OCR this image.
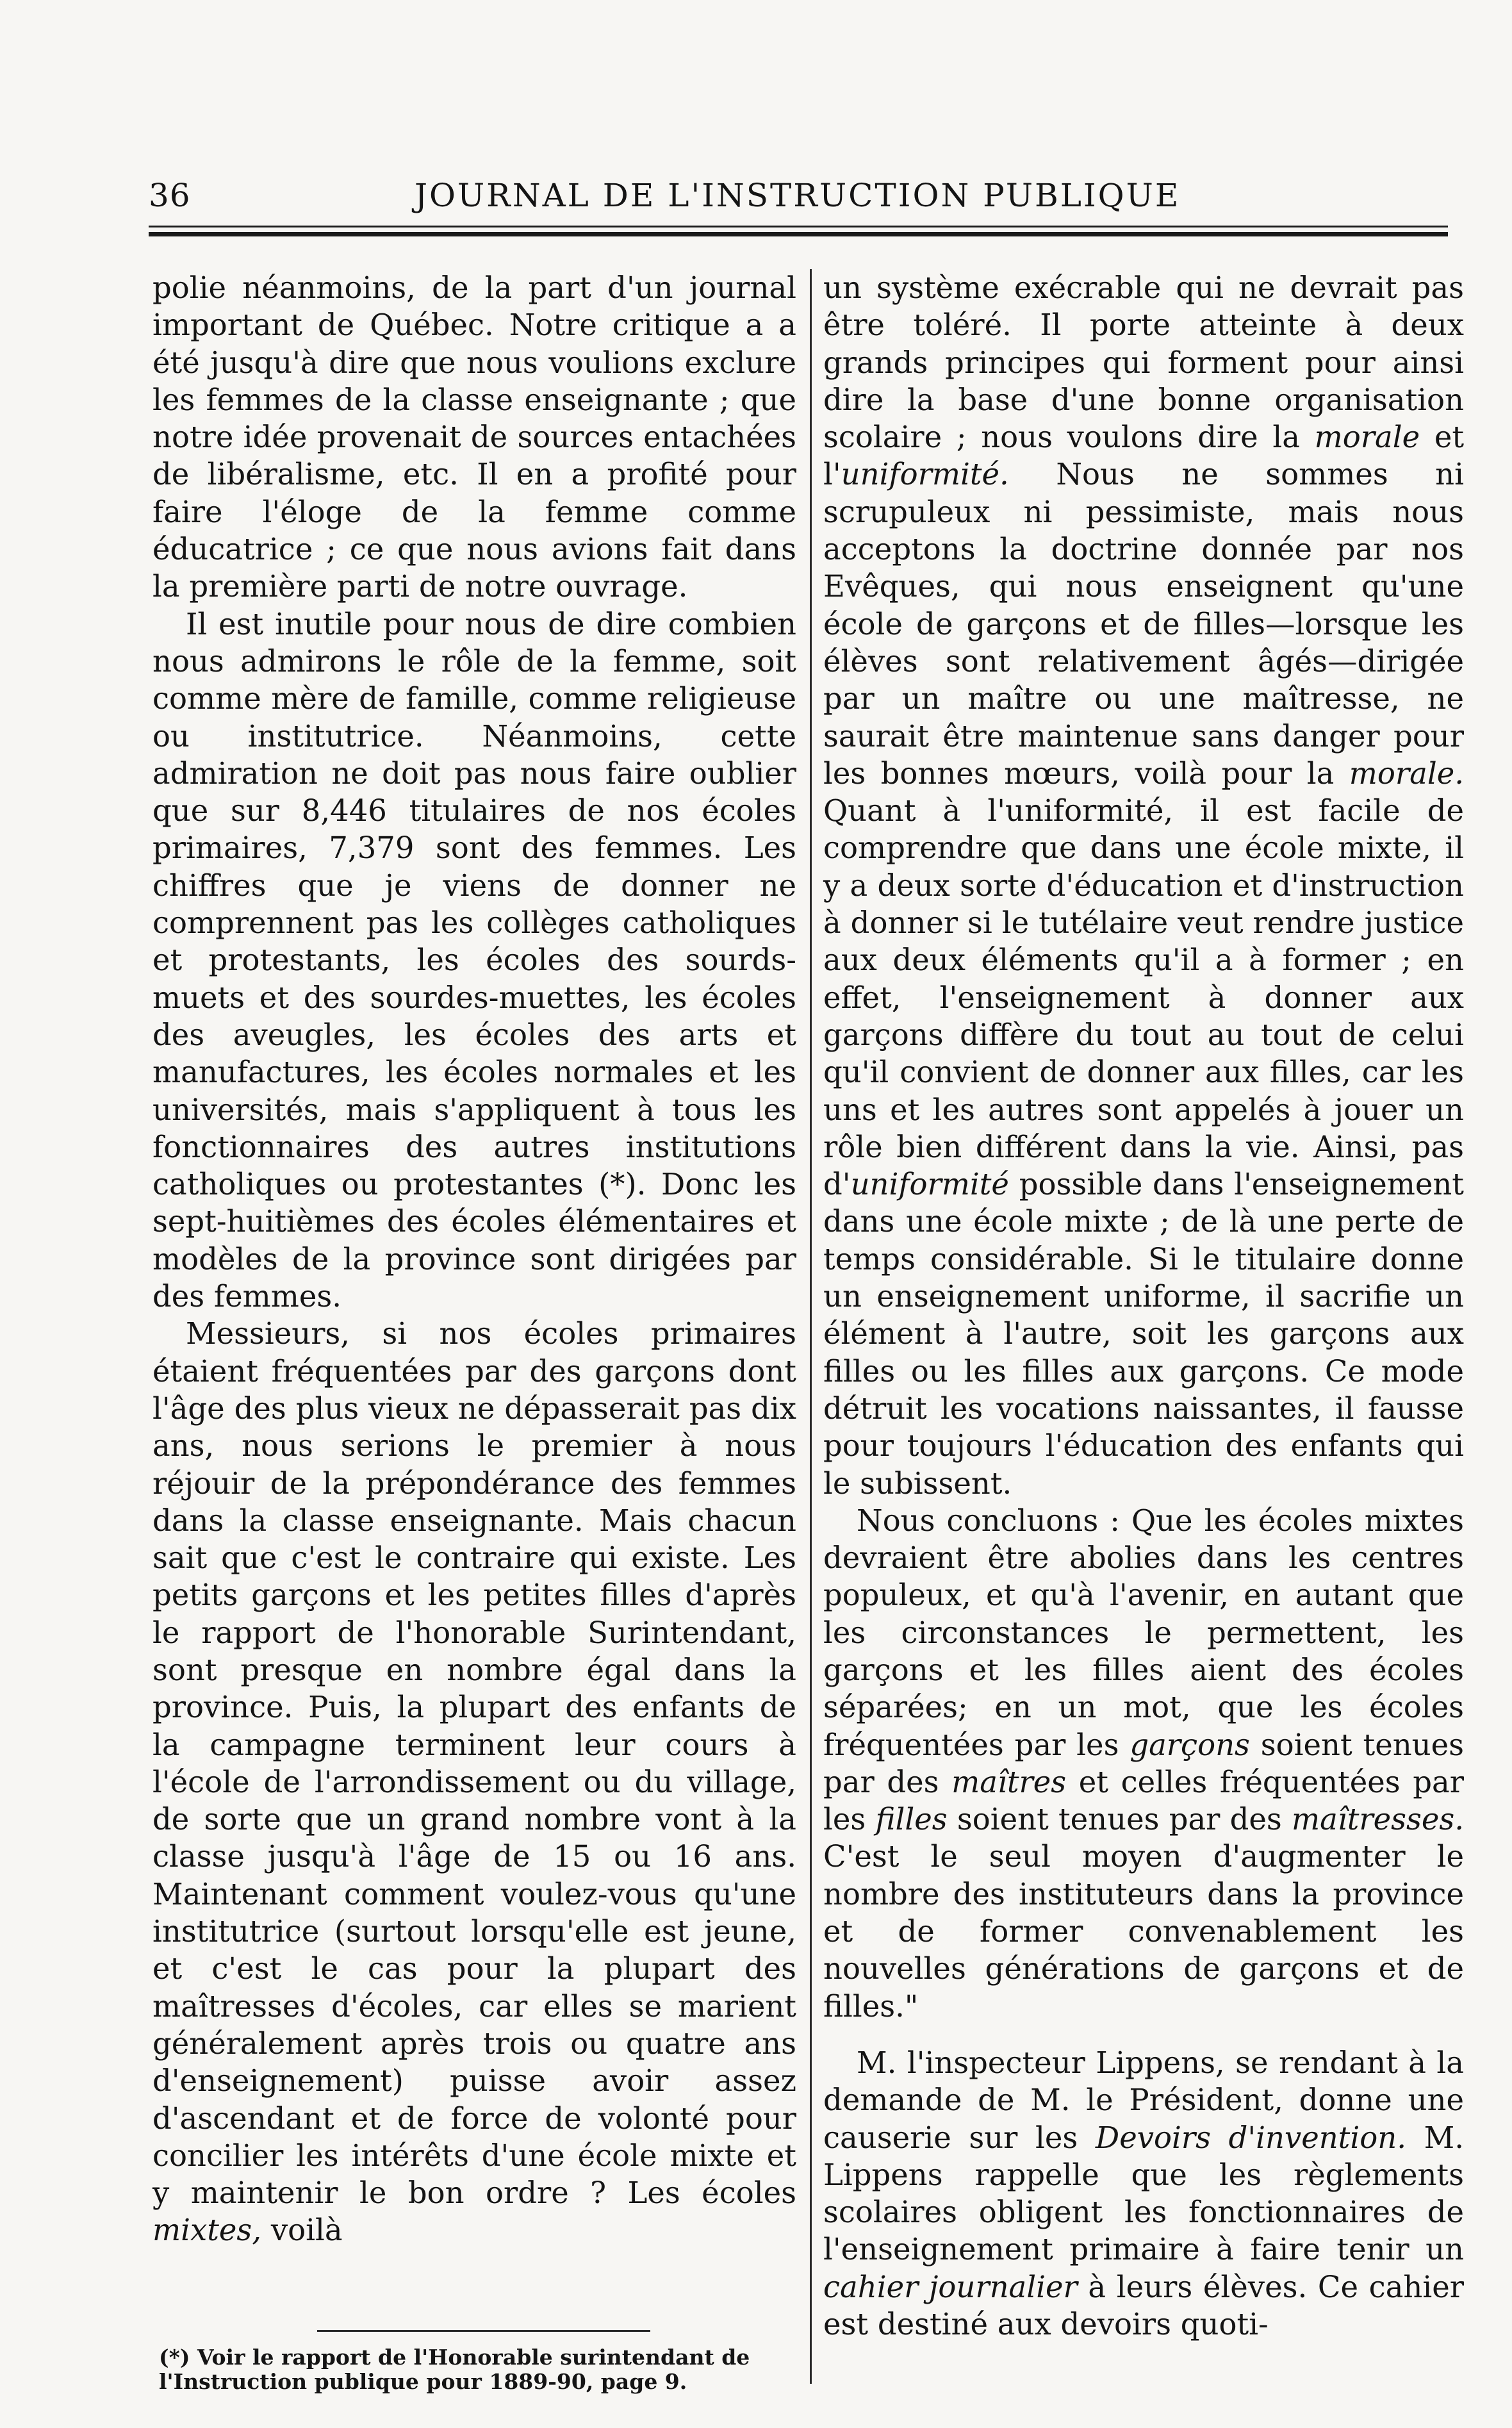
36	JOURNAL DE L'INSTRUCTION PUBLIQUE

polie néanmoins, de la part d'un journal important de Québec. Notre critique a a été jusqu'à dire que nous voulions exclure les femmes de la classe enseignante ; que notre idée provenait de sources entachées de libéralisme, etc. Il en a profité pour faire l'éloge de la femme comme éducatrice ; ce que nous avions fait dans la première parti de notre ouvrage.

Il est inutile pour nous de dire combien nous admirons le rôle de la femme, soit comme mère de famille, comme religieuse ou institutrice. Néanmoins, cette admiration ne doit pas nous faire oublier que sur 8,446 titulaires de nos écoles primaires, 7,379 sont des femmes. Les chiffres que je viens de donner ne comprennent pas les collèges catholiques et protestants, les écoles des sourds-muets et des sourdes-muettes, les écoles des aveugles, les écoles des arts et manufactures, les écoles normales et les universités, mais s'appliquent à tous les fonctionnaires des autres institutions catholiques ou protestantes (*). Donc les sept-huitièmes des écoles élémentaires et modèles de la province sont dirigées par des femmes.

Messieurs, si nos écoles primaires étaient fréquentées par des garçons dont l'âge des plus vieux ne dépasserait pas dix ans, nous serions le premier à nous réjouir de la prépondérance des femmes dans la classe enseignante. Mais chacun sait que c'est le contraire qui existe. Les petits garçons et les petites filles d'après le rapport de l'honorable Surintendant, sont presque en nombre égal dans la province. Puis, la plupart des enfants de la campagne terminent leur cours à l'école de l'arrondissement ou du village, de sorte que un grand nombre vont à la classe jusqu'à l'âge de 15 ou 16 ans. Maintenant comment voulez-vous qu'une institutrice (surtout lorsqu'elle est jeune, et c'est le cas pour la plupart des maîtresses d'écoles, car elles se marient généralement après trois ou quatre ans d'enseignement) puisse avoir assez d'ascendant et de force de volonté pour concilier les intérêts d'une école mixte et y maintenir le bon ordre ? Les écoles mixtes, voilà

un système exécrable qui ne devrait pas être toléré. Il porte atteinte à deux grands principes qui forment pour ainsi dire la base d'une bonne organisation scolaire ; nous voulons dire la morale et l'uniformité. Nous ne sommes ni scrupuleux ni pessimiste, mais nous acceptons la doctrine donnée par nos Evêques, qui nous enseignent qu'une école de garçons et de filles—lorsque les élèves sont relativement âgés—dirigée par un maître ou une maîtresse, ne saurait être maintenue sans danger pour les bonnes mœurs, voilà pour la morale. Quant à l'uniformité, il est facile de comprendre que dans une école mixte, il y a deux sorte d'éducation et d'instruction à donner si le tutélaire veut rendre justice aux deux éléments qu'il a à former ; en effet, l'enseignement à donner aux garçons diffère du tout au tout de celui qu'il convient de donner aux filles, car les uns et les autres sont appelés à jouer un rôle bien différent dans la vie. Ainsi, pas d'uniformité possible dans l'enseignement dans une école mixte ; de là une perte de temps considérable. Si le titulaire donne un enseignement uniforme, il sacrifie un élément à l'autre, soit les garçons aux filles ou les filles aux garçons. Ce mode détruit les vocations naissantes, il fausse pour toujours l'éducation des enfants qui le subissent.

Nous concluons : Que les écoles mixtes devraient être abolies dans les centres populeux, et qu'à l'avenir, en autant que les circonstances le permettent, les garçons et les filles aient des écoles séparées; en un mot, que les écoles fréquentées par les garçons soient tenues par des maîtres et celles fréquentées par les filles soient tenues par des maîtresses. C'est le seul moyen d'augmenter le nombre des instituteurs dans la province et de former convenablement les nouvelles générations de garçons et de filles."

M. l'inspecteur Lippens, se rendant à la demande de M. le Président, donne une causerie sur les Devoirs d'invention. M. Lippens rappelle que les règlements scolaires obligent les fonctionnaires de l'enseignement primaire à faire tenir un cahier journalier à leurs élèves. Ce cahier est destiné aux devoirs quoti-

(*) Voir le rapport de l'Honorable surintendant de l'Instruction publique pour 1889-90, page 9.
